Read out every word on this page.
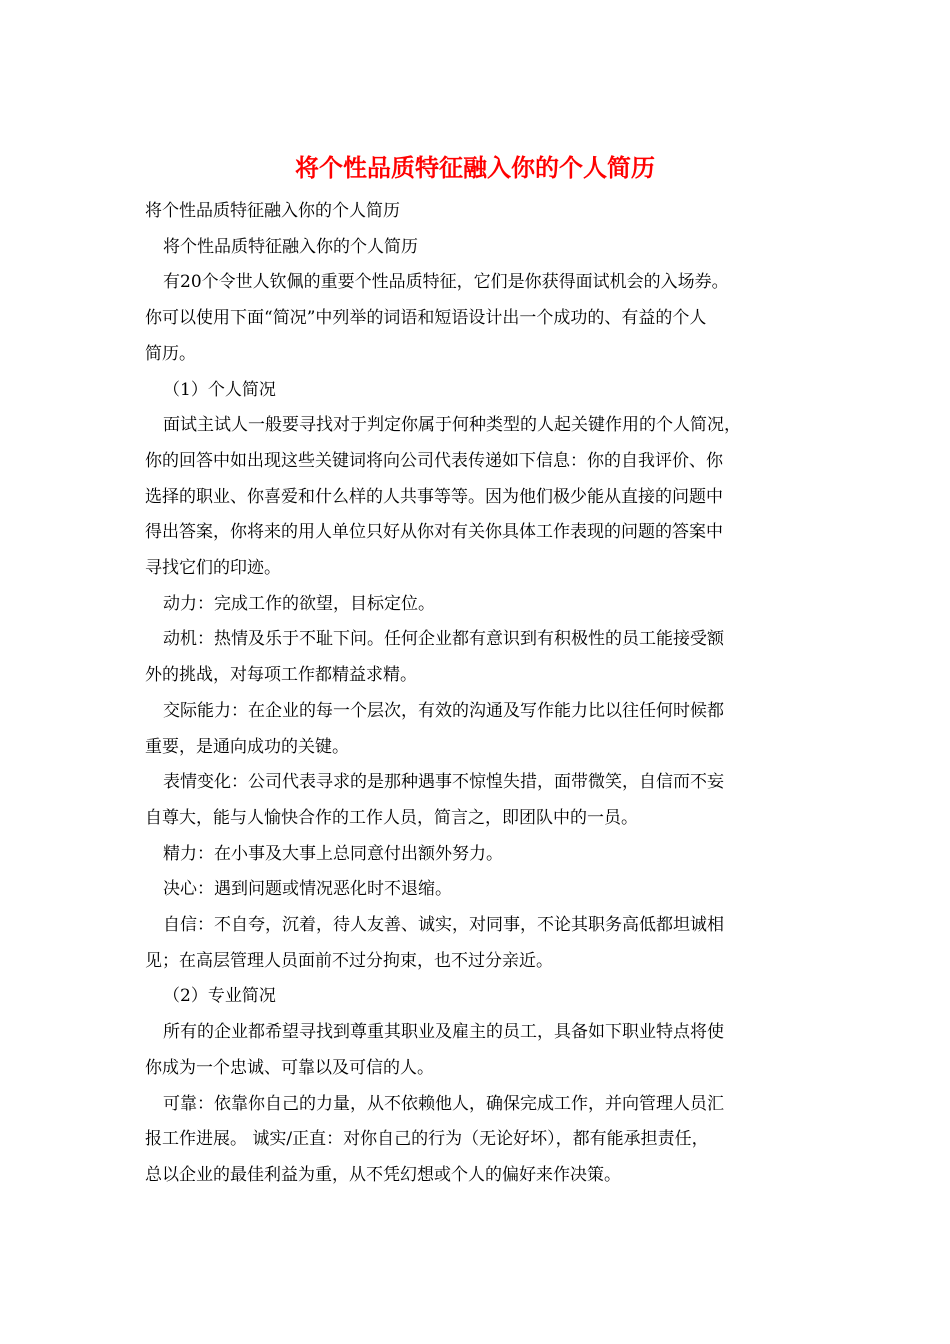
将个性品质特征融入你的个人简历

将个性品质特征融入你的个人简历

将个性品质特征融入你的个人简历

有20个令世人钦佩的重要个性品质特征，它们是你获得面试机会的入场券。

你可以使用下面“简况”中列举的词语和短语设计出一个成功的、有益的个人

简历。

（1）个人简况

面试主试人一般要寻找对于判定你属于何种类型的人起关键作用的个人简况，

你的回答中如出现这些关键词将向公司代表传递如下信息：你的自我评价、你

选择的职业、你喜爱和什么样的人共事等等。因为他们极少能从直接的问题中

得出答案，你将来的用人单位只好从你对有关你具体工作表现的问题的答案中

寻找它们的印迹。

动力：完成工作的欲望，目标定位。

动机：热情及乐于不耻下问。任何企业都有意识到有积极性的员工能接受额

外的挑战，对每项工作都精益求精。

交际能力：在企业的每一个层次，有效的沟通及写作能力比以往任何时候都

重要，是通向成功的关键。

表情变化：公司代表寻求的是那种遇事不惊惶失措，面带微笑，自信而不妄

自尊大，能与人愉快合作的工作人员，简言之，即团队中的一员。

精力：在小事及大事上总同意付出额外努力。

决心：遇到问题或情况恶化时不退缩。

自信：不自夸，沉着，待人友善、诚实，对同事，不论其职务高低都坦诚相

见；在高层管理人员面前不过分拘束，也不过分亲近。

（2）专业简况

所有的企业都希望寻找到尊重其职业及雇主的员工，具备如下职业特点将使

你成为一个忠诚、可靠以及可信的人。

可靠：依靠你自己的力量，从不依赖他人，确保完成工作，并向管理人员汇

报工作进展。 诚实/正直：对你自己的行为（无论好坏），都有能承担责任，

总以企业的最佳利益为重，从不凭幻想或个人的偏好来作决策。
